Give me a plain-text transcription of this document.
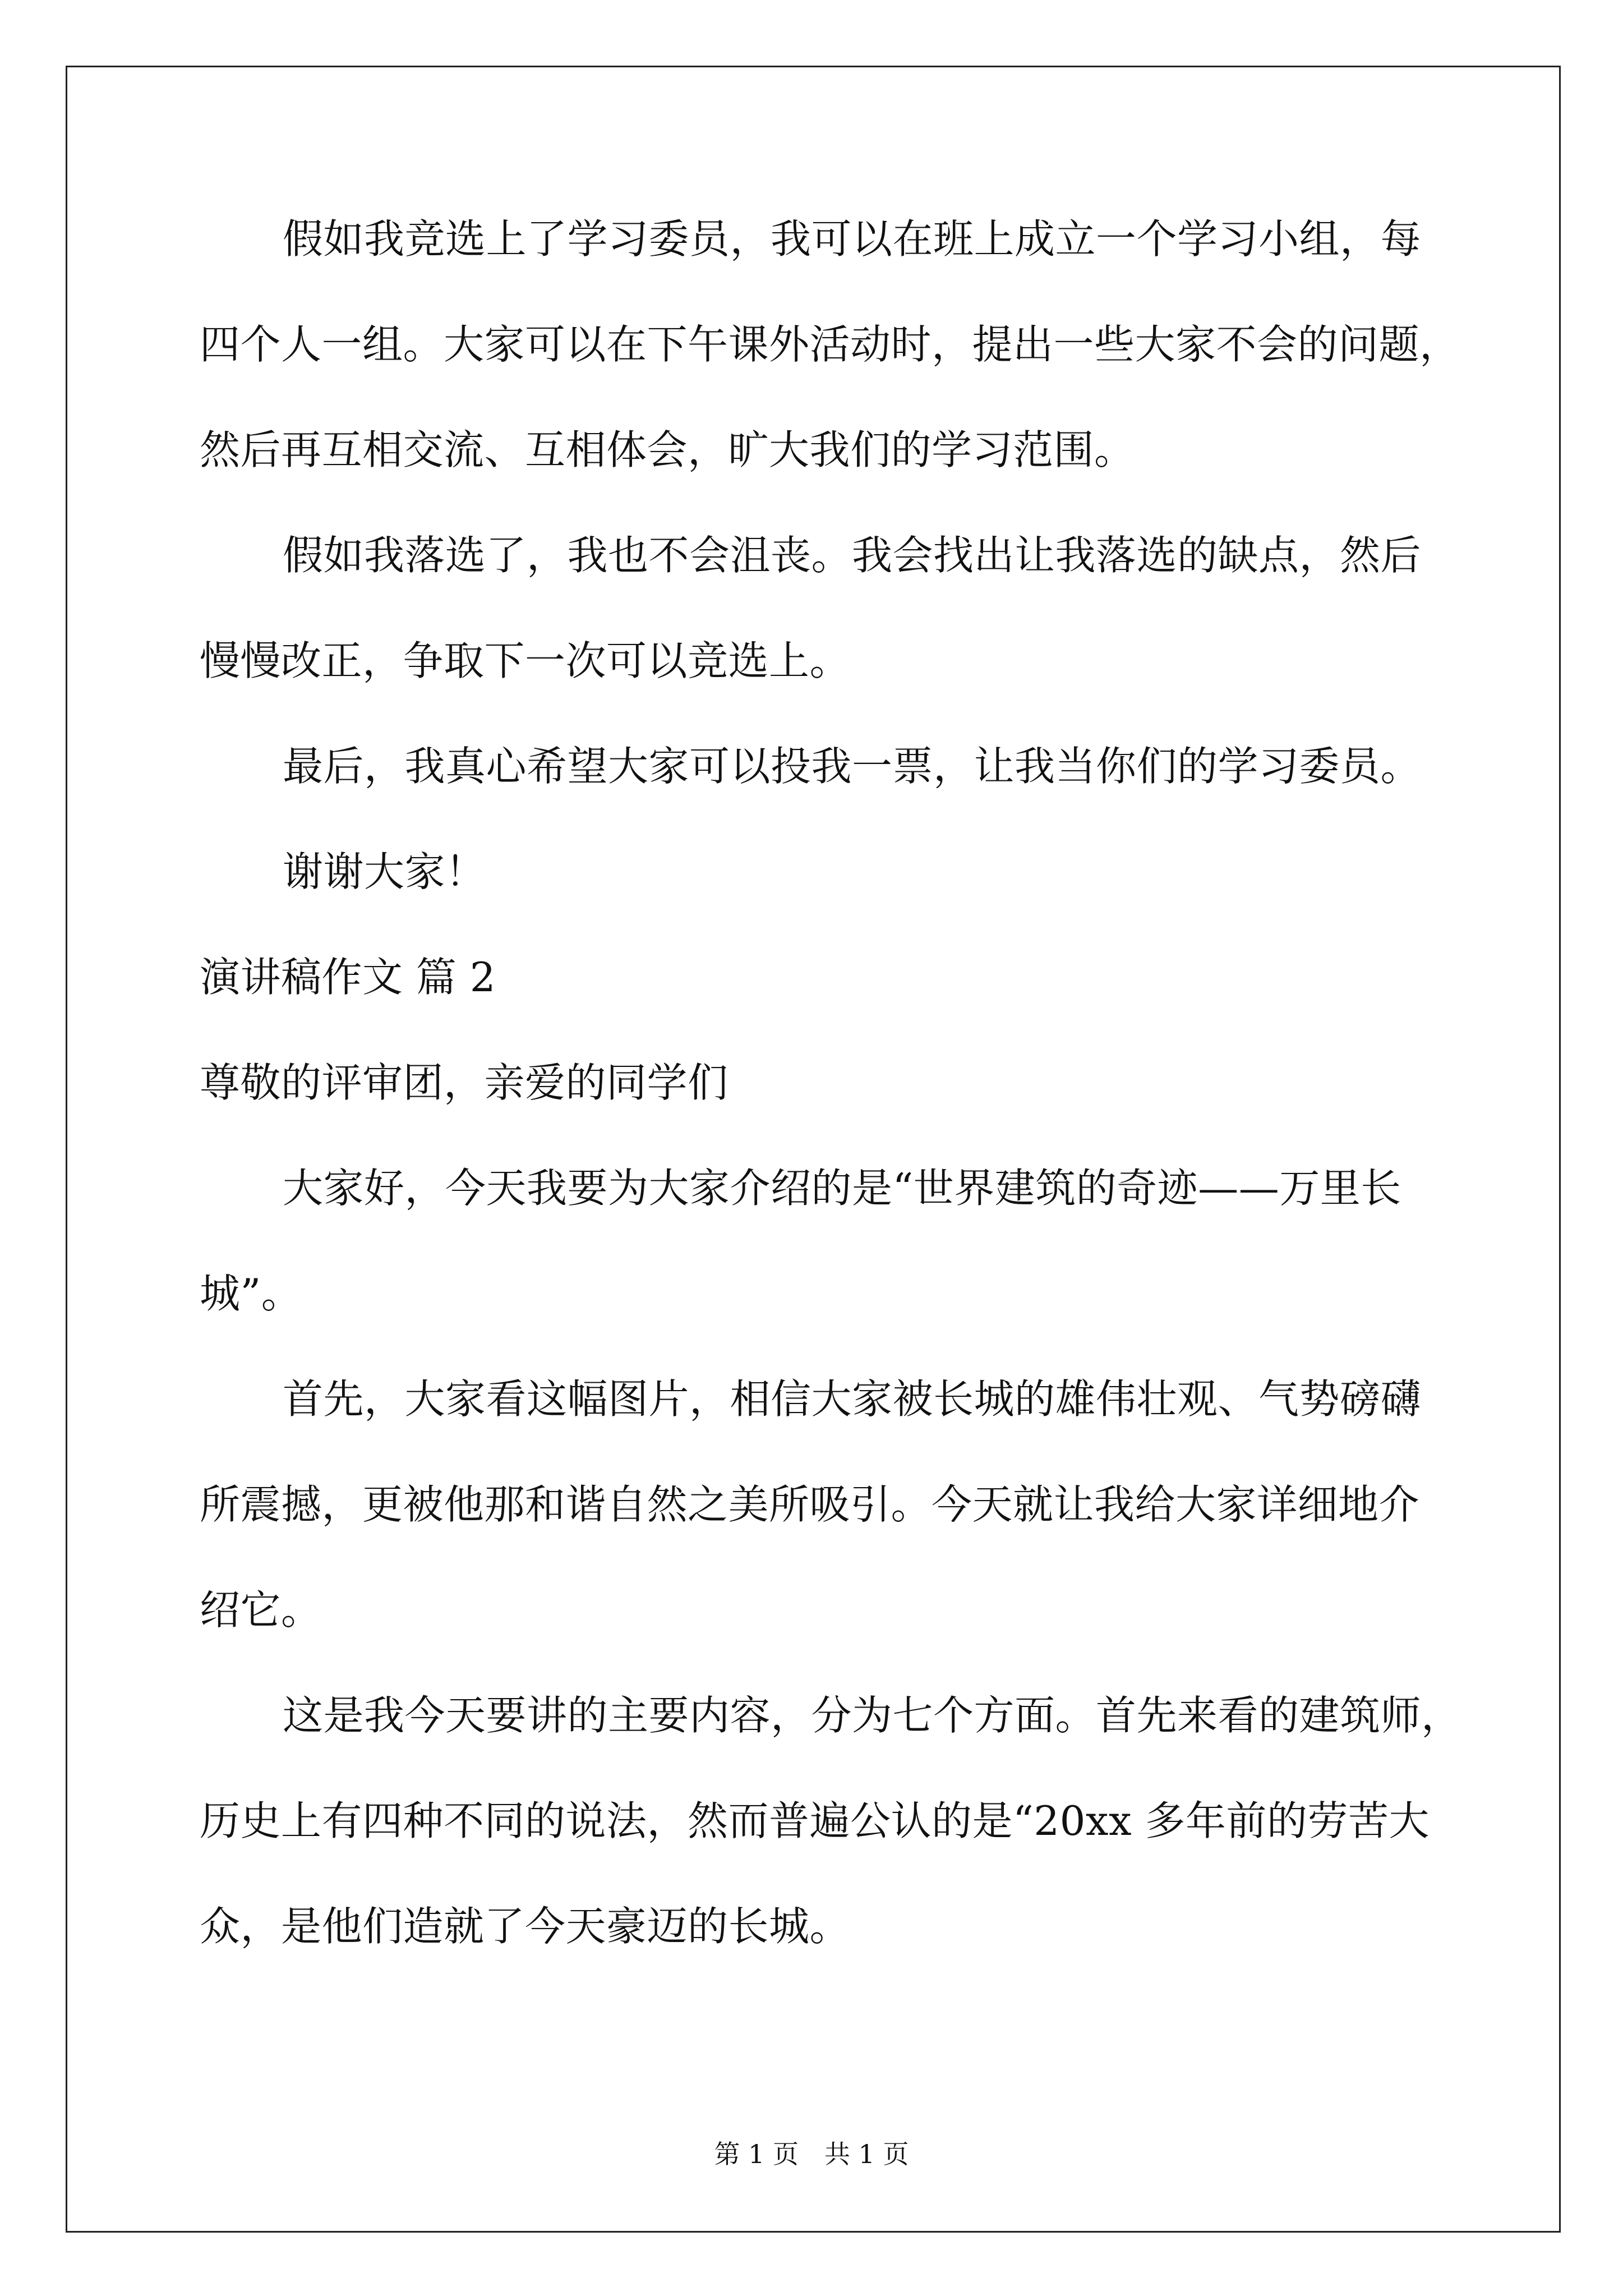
假如我竞选上了学习委员，我可以在班上成立一个学习小组，每
四个人一组。大家可以在下午课外活动时，提出一些大家不会的问题，
然后再互相交流、互相体会，旷大我们的学习范围。
假如我落选了，我也不会沮丧。我会找出让我落选的缺点，然后
慢慢改正，争取下一次可以竞选上。
最后，我真心希望大家可以投我一票，让我当你们的学习委员。
谢谢大家！
演讲稿作文 篇 2
尊敬的评审团，亲爱的同学们
大家好，今天我要为大家介绍的是“世界建筑的奇迹——万里长
城”。
首先，大家看这幅图片，相信大家被长城的雄伟壮观、气势磅礴
所震撼，更被他那和谐自然之美所吸引。今天就让我给大家详细地介
绍它。
这是我今天要讲的主要内容，分为七个方面。首先来看的建筑师，
历史上有四种不同的说法，然而普遍公认的是“20xx 多年前的劳苦大
众，是他们造就了今天豪迈的长城。
第 1 页　共 1 页
